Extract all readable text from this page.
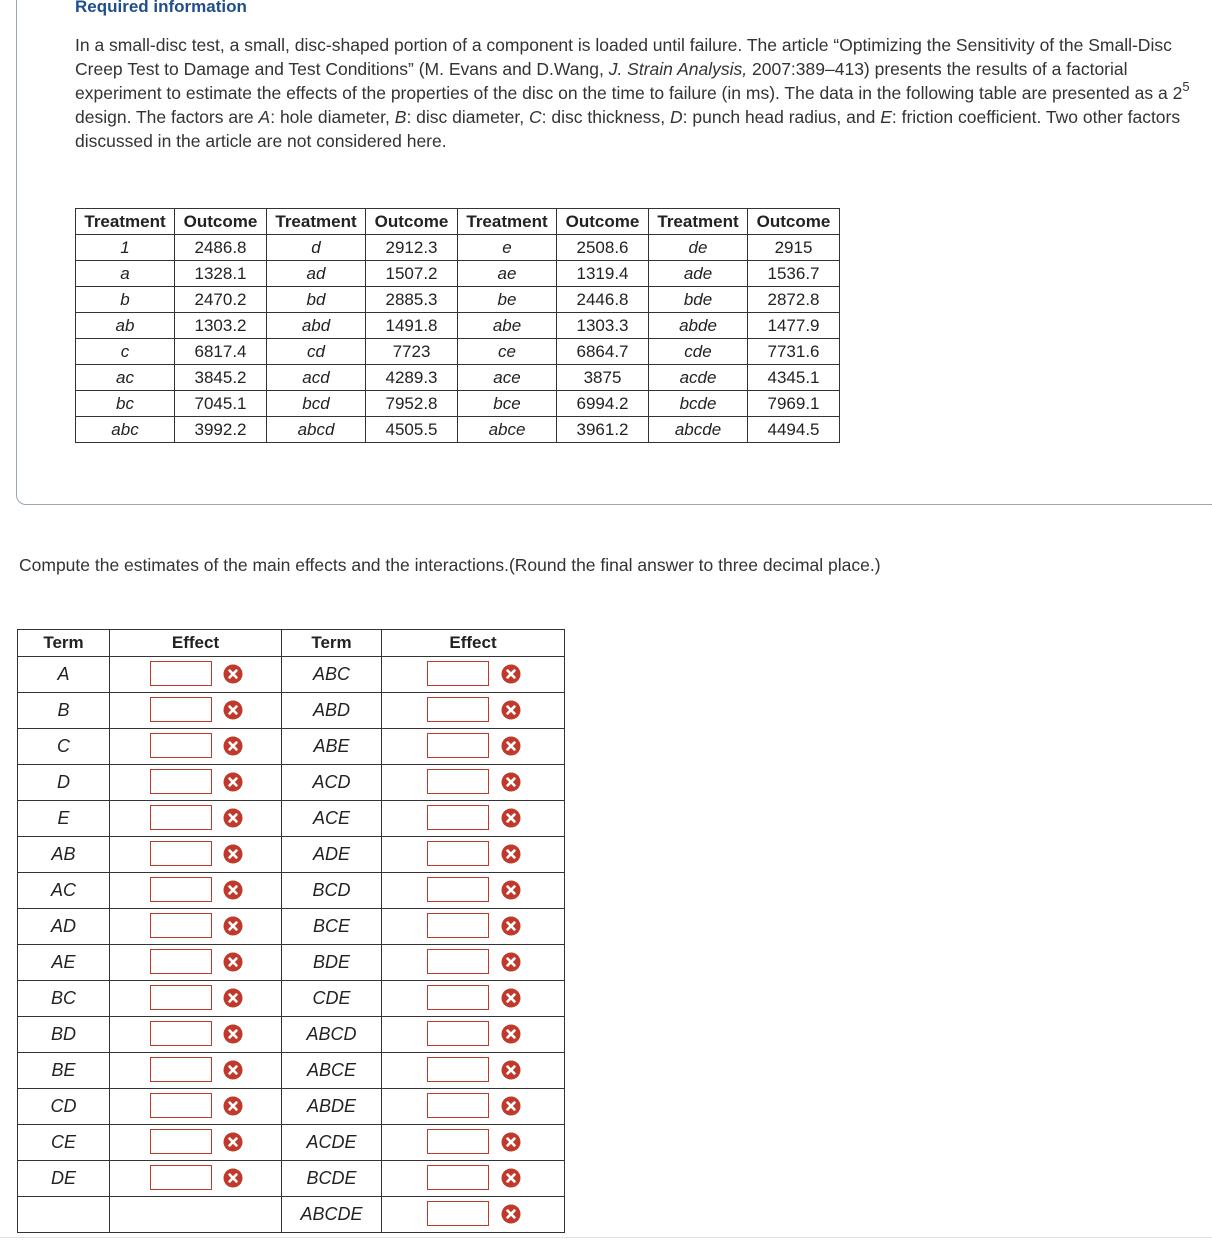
Required information
In a small-disc test, a small, disc-shaped portion of a component is loaded until failure. The article “Optimizing the Sensitivity of the Small-Disc Creep Test to Damage and Test Conditions” (M. Evans and D.Wang, J. Strain Analysis, 2007:389–413) presents the results of a factorial experiment to estimate the effects of the properties of the disc on the time to failure (in ms). The data in the following table are presented as a $2^5$ design. The factors are A: hole diameter, B: disc diameter, C: disc thickness, D: punch head radius, and E: friction coefficient. Two other factors discussed in the article are not considered here.
Treatment	Outcome	Treatment	Outcome	Treatment	Outcome	Treatment	Outcome
1	2486.8	d	2912.3	e	2508.6	de	2915
a	1328.1	ad	1507.2	ae	1319.4	ade	1536.7
b	2470.2	bd	2885.3	be	2446.8	bde	2872.8
ab	1303.2	abd	1491.8	abe	1303.3	abde	1477.9
c	6817.4	cd	7723	ce	6864.7	cde	7731.6
ac	3845.2	acd	4289.3	ace	3875	acde	4345.1
bc	7045.1	bcd	7952.8	bce	6994.2	bcde	7969.1
abc	3992.2	abcd	4505.5	abce	3961.2	abcde	4494.5
Compute the estimates of the main effects and the interactions.(Round the final answer to three decimal place.)
Term	Effect	Term	Effect
A		ABC	

B		ABD	

C		ABE	

D		ACD	

E		ACE	

AB		ADE	

AC		BCD	

AD		BCE	

AE		BDE	

BC		CDE	

BD		ABCD	

BE		ABCE	

CD		ABDE	

CE		ACDE	

DE		BCDE	

		ABCDE	
